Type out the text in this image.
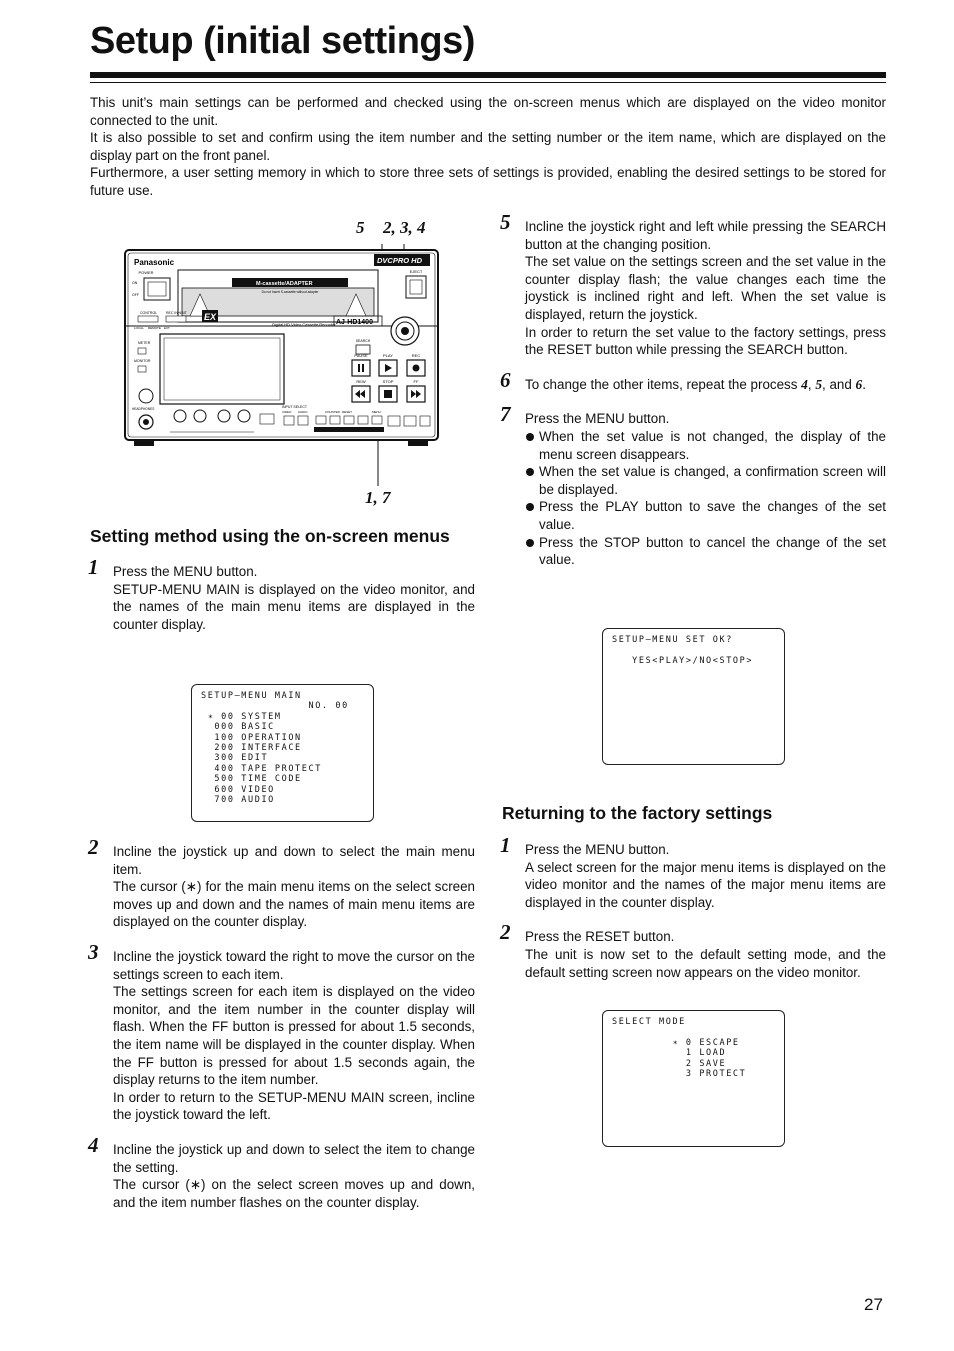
Setup (initial settings)

This unit’s main settings can be performed and checked using the on-screen menus which are displayed on the video monitor connected to the unit.

It is also possible to set and confirm using the item number and the setting number or the item name, which are displayed on the display part on the front panel.

Furthermore, a user setting memory in which to store three sets of settings is provided, enabling the desired settings to be stored for future use.

5 2, 3, 4
1, 7
Panasonic	DVCPRO HD
POWER
ON
OFF
M-cassette/ADAPTER
Do not Insert S-cassette without adapter
EJECT
CONTROL	REC INHIBIT
LOCAL REMOTE EXT
EX
Digital HD Video Cassette Recorder AJ-HD1400
METER
MONITOR
HEADPHONES	INPUT SELECT
VIDEO AUDIO	COUNTER RESET	MENU
SEARCH
PAUSE	PLAY	REC
REW	STOP	FF
Setting method using the on-screen menus
1 Press the MENU button.

SETUP-MENU MAIN is displayed on the video monitor, and the names of the main menu items are displayed in the counter display.

SETUP–MENU MAIN
NO. 00
∗ 00 SYSTEM
000 BASIC
100 OPERATION
200 INTERFACE
300 EDIT
400 TAPE PROTECT
500 TIME CODE
600 VIDEO
700 AUDIO
2 Incline the joystick up and down to select the main menu item.

The cursor (∗) for the main menu items on the select screen moves up and down and the names of main menu items are displayed on the counter display.

3 Incline the joystick toward the right to move the cursor on the settings screen to each item.

The settings screen for each item is displayed on the video monitor, and the item number in the counter display will flash. When the FF button is pressed for about 1.5 seconds, the item name will be displayed in the counter display. When the FF button is pressed for about 1.5 seconds again, the display returns to the item number.

In order to return to the SETUP-MENU MAIN screen, incline the joystick toward the left.

4 Incline the joystick up and down to select the item to change the setting.

The cursor (∗) on the select screen moves up and down, and the item number flashes on the counter display.

5 Incline the joystick right and left while pressing the SEARCH button at the changing position.

The set value on the settings screen and the set value in the counter display flash; the value changes each time the joystick is inclined right and left. When the set value is displayed, return the joystick.

In order to return the set value to the factory settings, press the RESET button while pressing the SEARCH button.

6 To change the other items, repeat the process 4, 5, and 6.

7 Press the MENU button.

When the set value is not changed, the display of the menu screen disappears.
When the set value is changed, a confirmation screen will be displayed.
Press the PLAY button to save the changes of the set value.
Press the STOP button to cancel the change of the set value.
SETUP–MENU SET OK?

YES<PLAY>/NO<STOP>
Returning to the factory settings
1 Press the MENU button.

A select screen for the major menu items is displayed on the video monitor and the names of the major menu items are displayed in the counter display.

2 Press the RESET button.

The unit is now set to the default setting mode, and the default setting screen now appears on the video monitor.

SELECT MODE

∗ 0 ESCAPE
1 LOAD
2 SAVE
3 PROTECT
27
